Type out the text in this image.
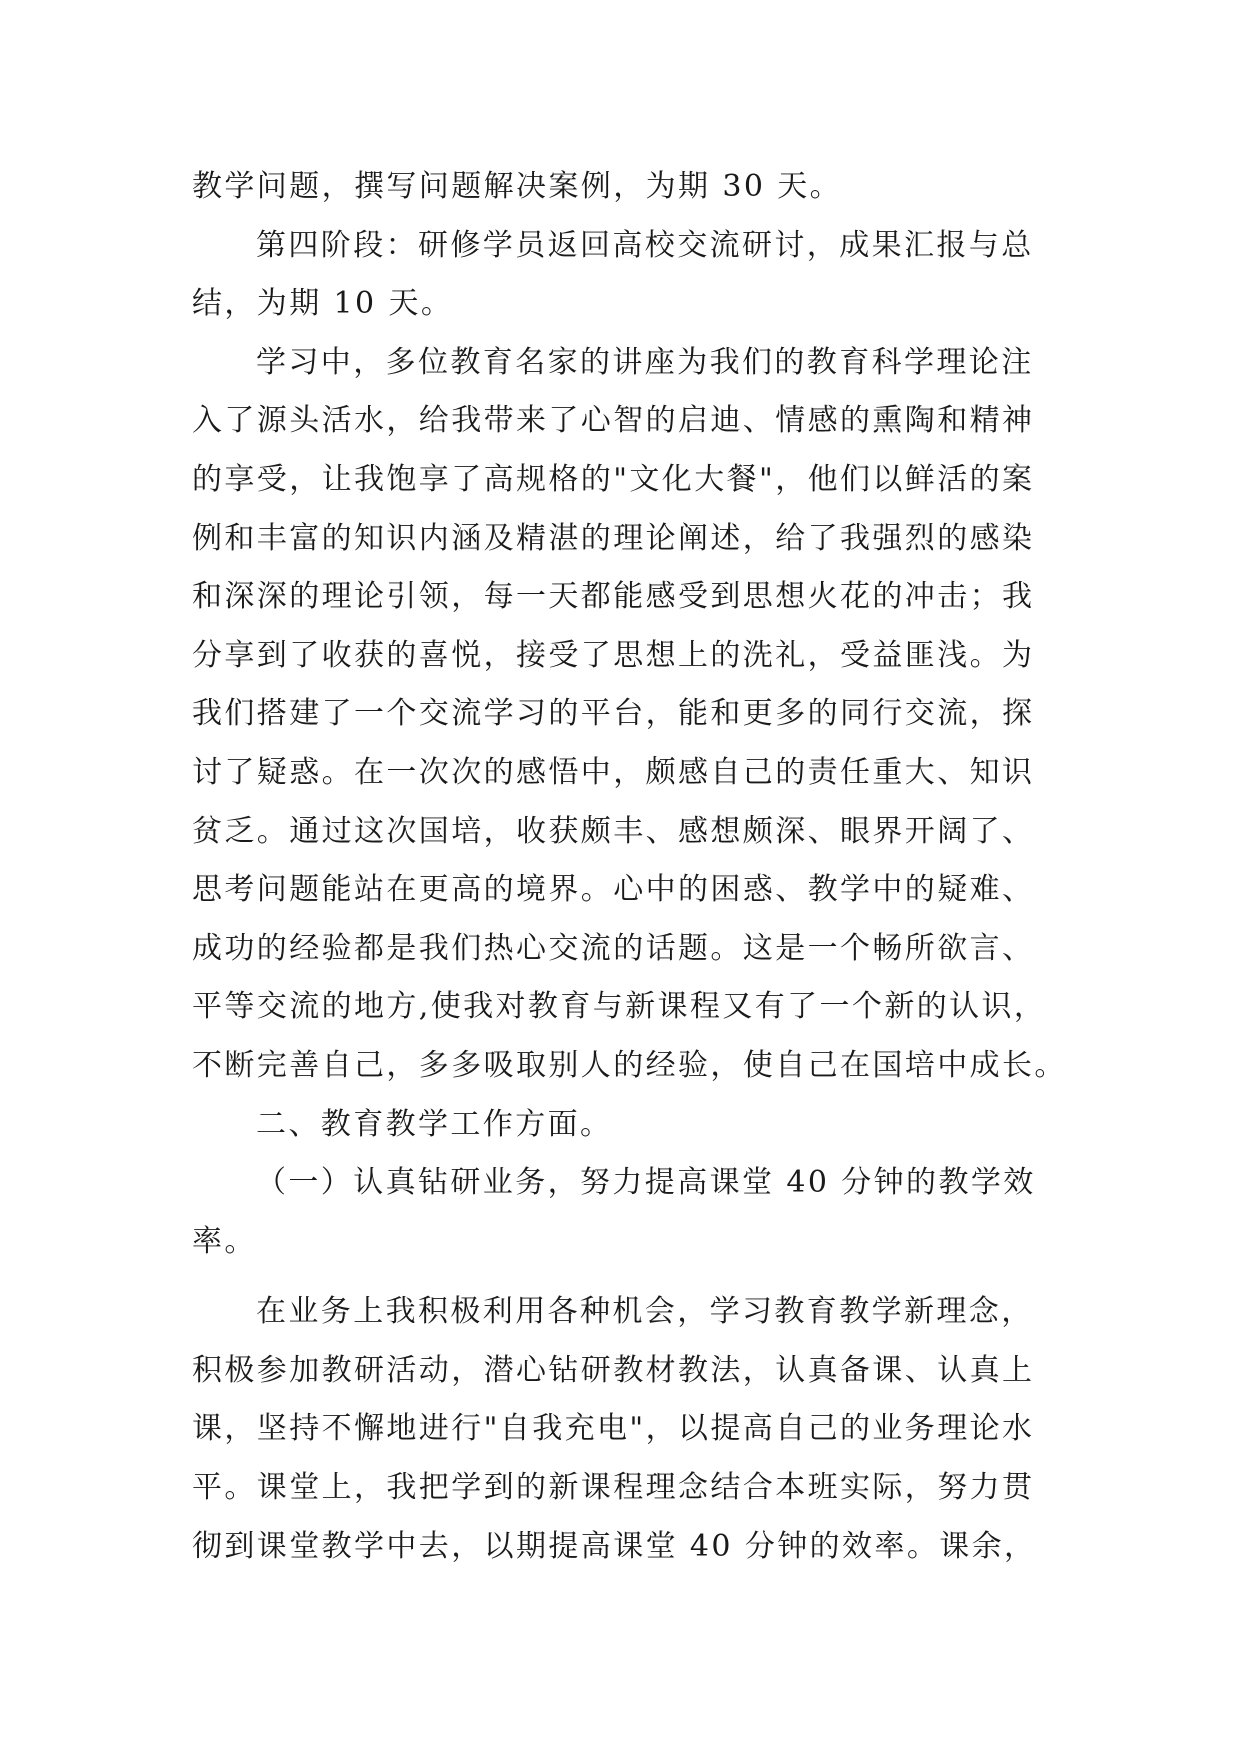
教学问题，撰写问题解决案例，为期 30 天。
第四阶段：研修学员返回高校交流研讨，成果汇报与总
结，为期 10 天。
学习中，多位教育名家的讲座为我们的教育科学理论注
入了源头活水，给我带来了心智的启迪、情感的熏陶和精神
的享受，让我饱享了高规格的"文化大餐"，他们以鲜活的案
例和丰富的知识内涵及精湛的理论阐述，给了我强烈的感染
和深深的理论引领，每一天都能感受到思想火花的冲击；我
分享到了收获的喜悦，接受了思想上的洗礼，受益匪浅。为
我们搭建了一个交流学习的平台，能和更多的同行交流，探
讨了疑惑。在一次次的感悟中，颇感自己的责任重大、知识
贫乏。通过这次国培，收获颇丰、感想颇深、眼界开阔了、
思考问题能站在更高的境界。心中的困惑、教学中的疑难、
成功的经验都是我们热心交流的话题。这是一个畅所欲言、
平等交流的地方,使我对教育与新课程又有了一个新的认识，
不断完善自己，多多吸取别人的经验，使自己在国培中成长。
二、教育教学工作方面。
（一）认真钻研业务，努力提高课堂 40 分钟的教学效
率。
在业务上我积极利用各种机会，学习教育教学新理念，
积极参加教研活动，潜心钻研教材教法，认真备课、认真上
课，坚持不懈地进行"自我充电"，以提高自己的业务理论水
平。课堂上，我把学到的新课程理念结合本班实际，努力贯
彻到课堂教学中去，以期提高课堂 40 分钟的效率。课余，
